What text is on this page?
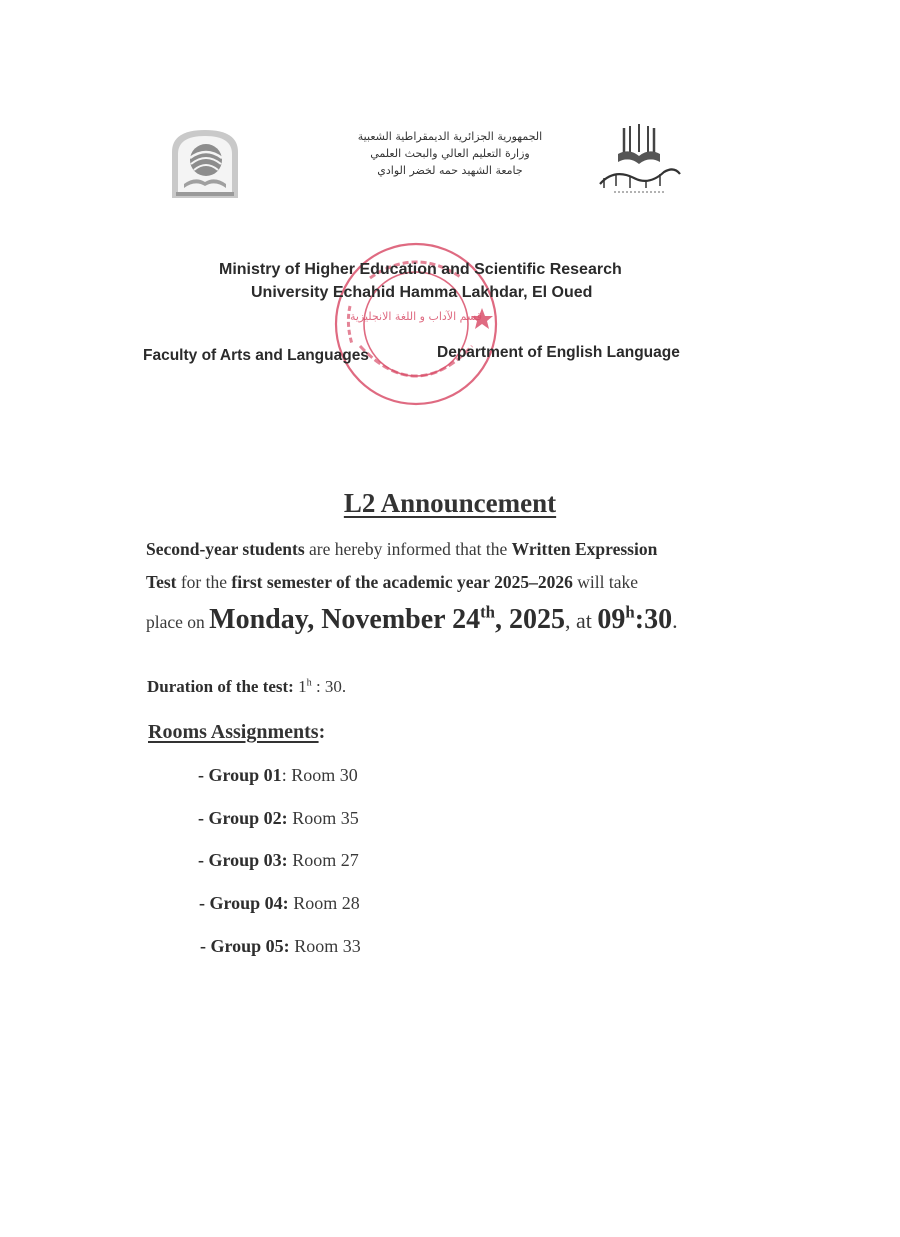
الجمهورية الجزائرية الديمقراطية الشعبية
وزارة التعليم العالي والبحث العلمي
جامعة الشهيد حمه لخضر الوادي
قسم الآداب و اللغة الانجليزية
Ministry of Higher Education and Scientific Research
University Echahid Hamma Lakhdar, El Oued
Faculty of Arts and Languages	Department of English Language
L2 Announcement
Second-year students are hereby informed that the Written Expression
Test for the first semester of the academic year 2025–2026 will take
place on Monday, November 24th, 2025, at 09$^h$:30.
Duration of the test: 1$^h$ : 30.
Rooms Assignments:
- Group 01: Room 30
- Group 02: Room 35
- Group 03: Room 27
- Group 04: Room 28
- Group 05: Room 33
